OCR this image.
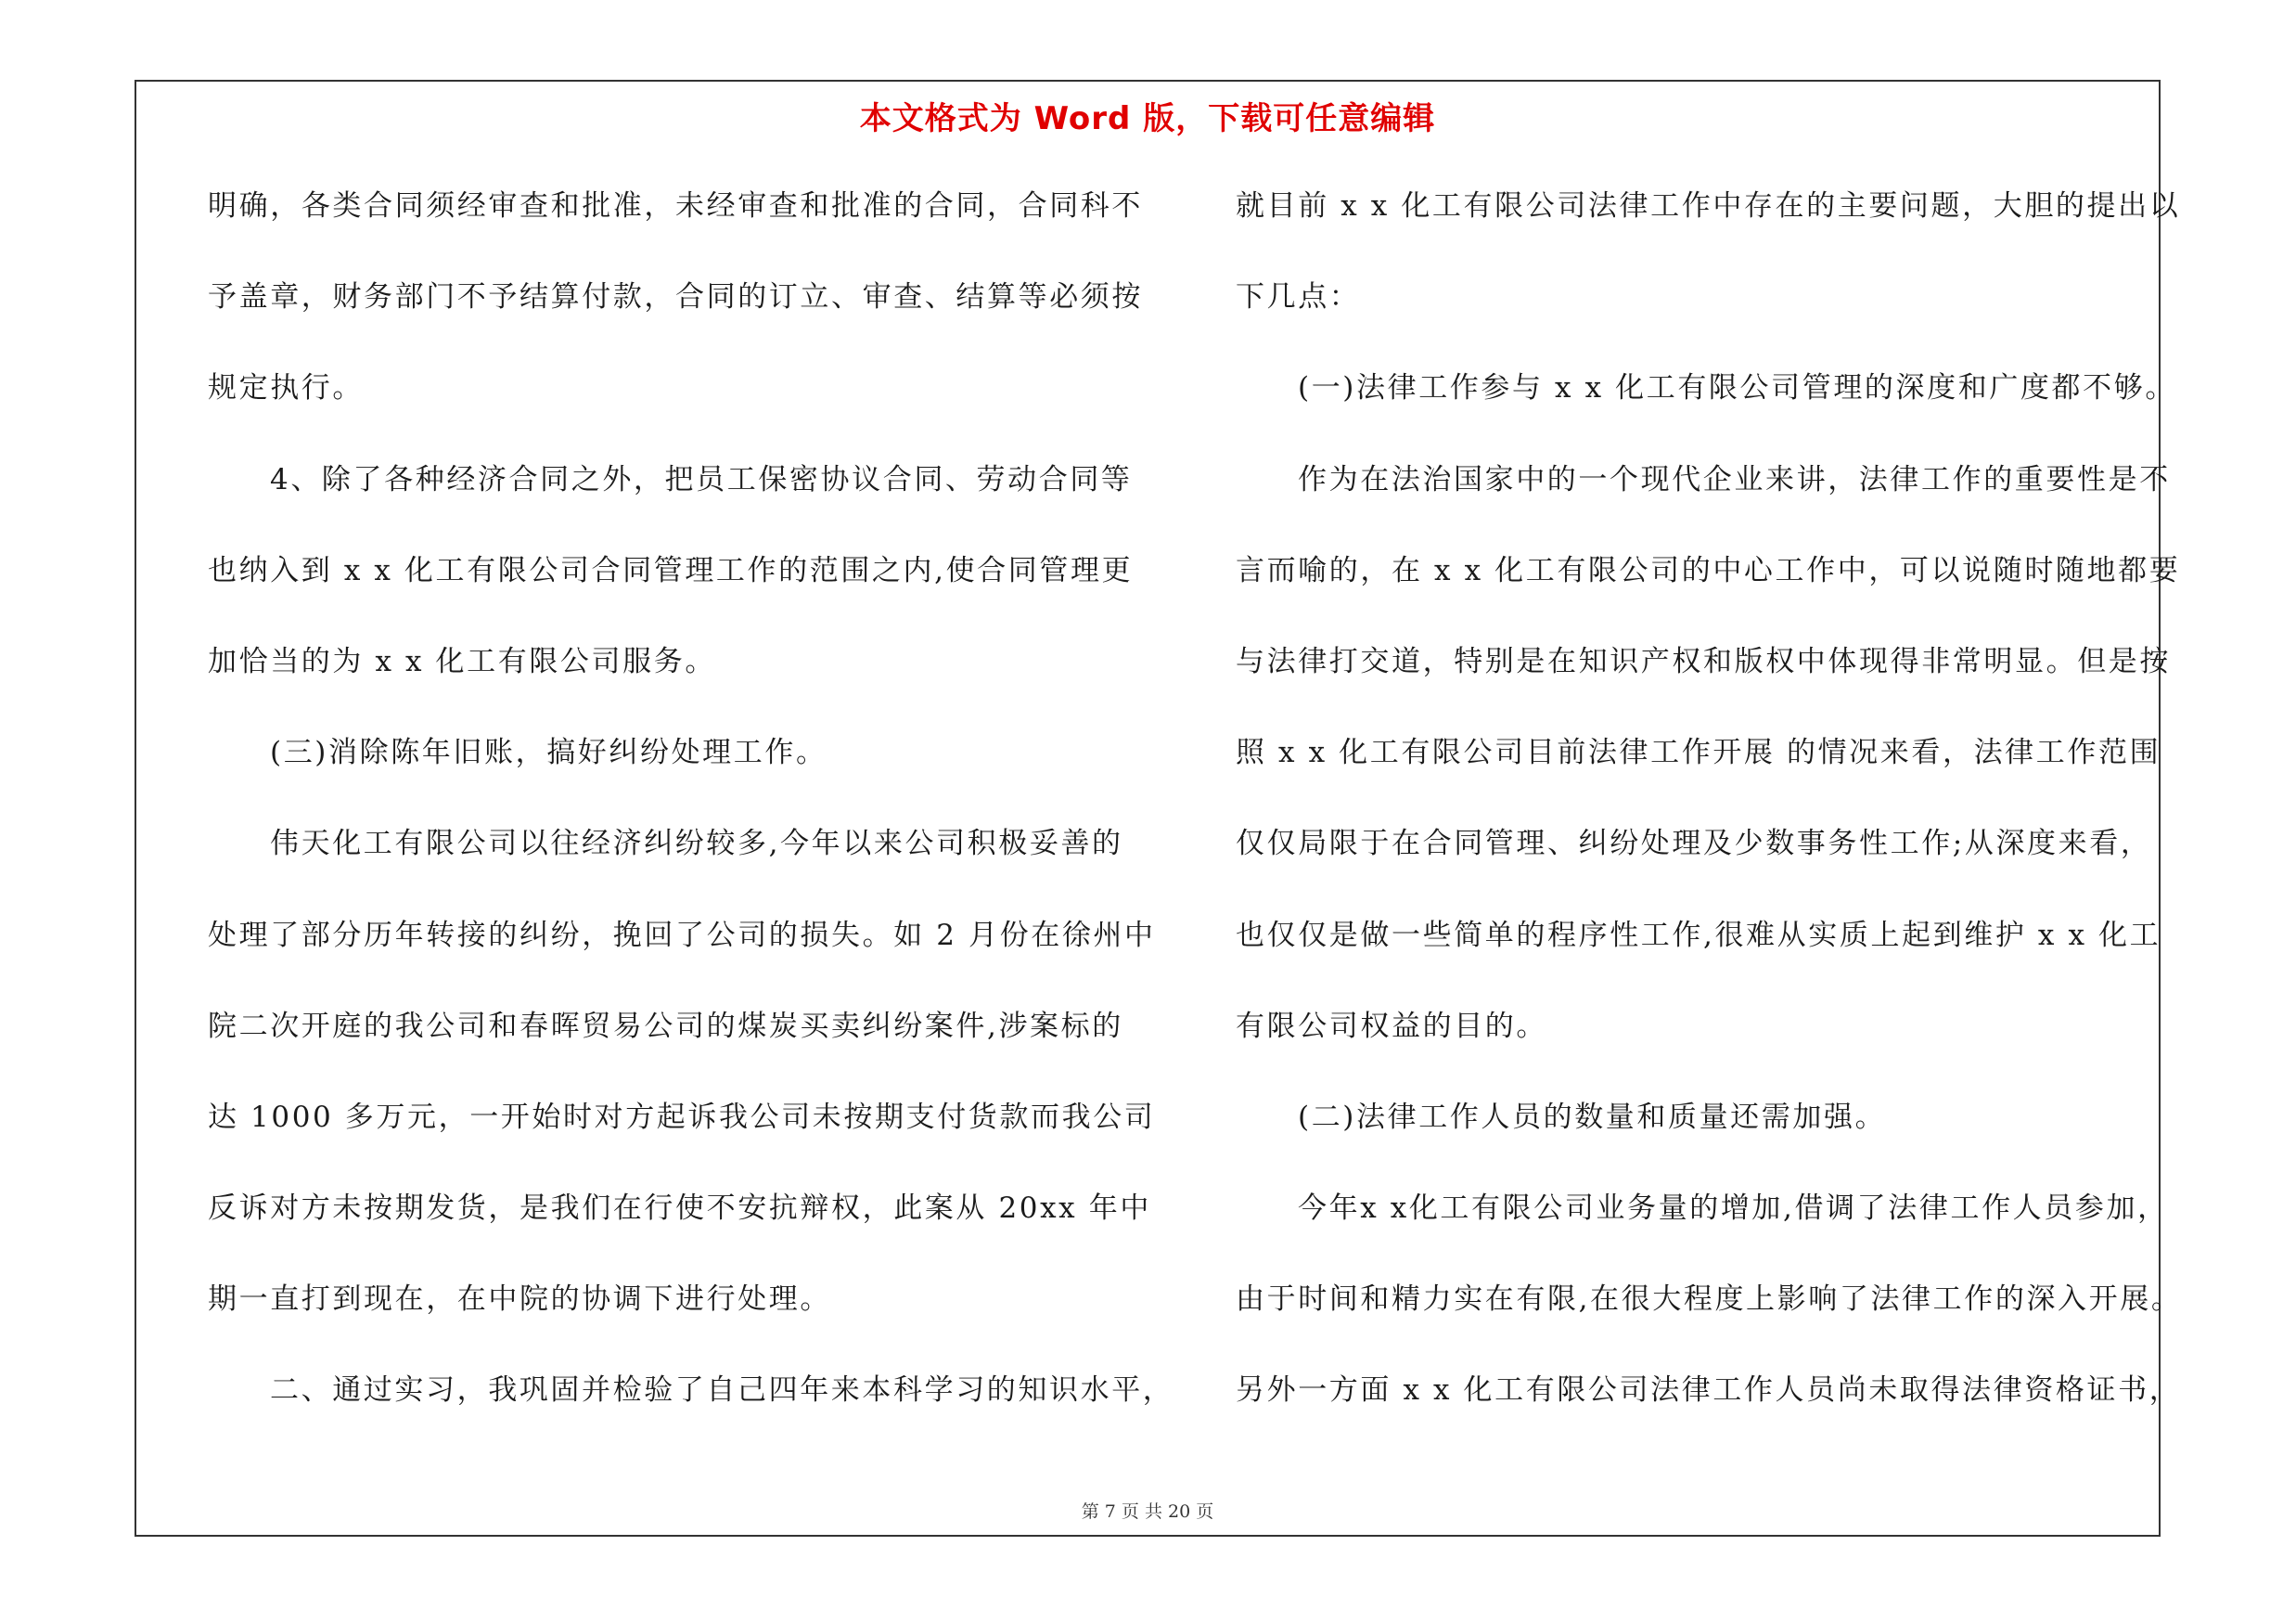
本文格式为 Word 版，下载可任意编辑
明确，各类合同须经审查和批准，未经审查和批准的合同，合同科不
予盖章，财务部门不予结算付款，合同的订立、审查、结算等必须按
规定执行。
4、除了各种经济合同之外，把员工保密协议合同、劳动合同等
也纳入到 x x 化工有限公司合同管理工作的范围之内,使合同管理更
加恰当的为 x x 化工有限公司服务。
(三)消除陈年旧账，搞好纠纷处理工作。
伟天化工有限公司以往经济纠纷较多,今年以来公司积极妥善的
处理了部分历年转接的纠纷，挽回了公司的损失。如 2 月份在徐州中
院二次开庭的我公司和春晖贸易公司的煤炭买卖纠纷案件,涉案标的
达 1000 多万元，一开始时对方起诉我公司未按期支付货款而我公司
反诉对方未按期发货，是我们在行使不安抗辩权，此案从 20xx 年中
期一直打到现在，在中院的协调下进行处理。
二、通过实习，我巩固并检验了自己四年来本科学习的知识水平，
就目前 x x 化工有限公司法律工作中存在的主要问题，大胆的提出以
下几点：
(一)法律工作参与 x x 化工有限公司管理的深度和广度都不够。
作为在法治国家中的一个现代企业来讲，法律工作的重要性是不
言而喻的，在 x x 化工有限公司的中心工作中，可以说随时随地都要
与法律打交道，特别是在知识产权和版权中体现得非常明显。但是按
照 x x 化工有限公司目前法律工作开展 的情况来看，法律工作范围
仅仅局限于在合同管理、纠纷处理及少数事务性工作;从深度来看，
也仅仅是做一些简单的程序性工作,很难从实质上起到维护 x x 化工
有限公司权益的目的。
(二)法律工作人员的数量和质量还需加强。
今年x x化工有限公司业务量的增加,借调了法律工作人员参加，
由于时间和精力实在有限,在很大程度上影响了法律工作的深入开展。
另外一方面 x x 化工有限公司法律工作人员尚未取得法律资格证书，
第 7 页 共 20 页
